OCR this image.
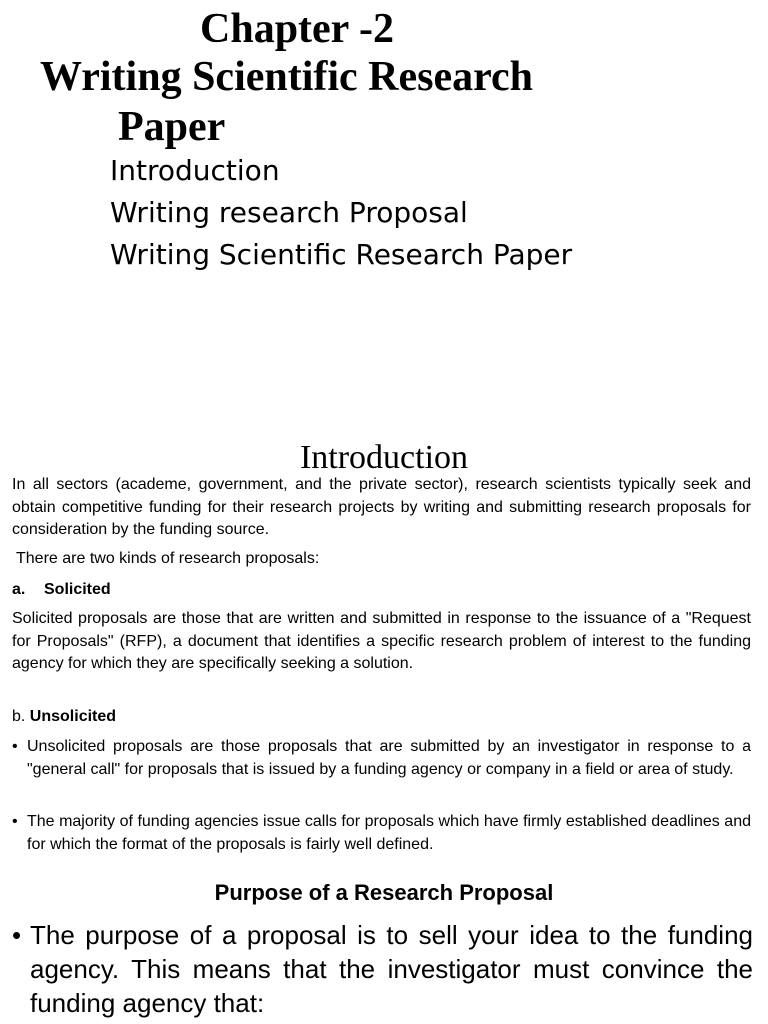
Chapter -2
Writing Scientific Research
Paper
Introduction
Writing research Proposal
Writing Scientific Research Paper
Introduction
In all sectors (academe, government, and the private sector), research scientists typically seek and obtain competitive funding for their research projects by writing and submitting research proposals for consideration by the funding source.
There are two kinds of research proposals:
a. Solicited
Solicited proposals are those that are written and submitted in response to the issuance of a "Request for Proposals" (RFP), a document that identifies a specific research problem of interest to the funding agency for which they are specifically seeking a solution.
b. Unsolicited
• Unsolicited proposals are those proposals that are submitted by an investigator in response to a "general call" for proposals that is issued by a funding agency or company in a field or area of study.
• The majority of funding agencies issue calls for proposals which have firmly established deadlines and for which the format of the proposals is fairly well defined.
Purpose of a Research Proposal
• The purpose of a proposal is to sell your idea to the funding agency. This means that the investigator must convince the funding agency that:
